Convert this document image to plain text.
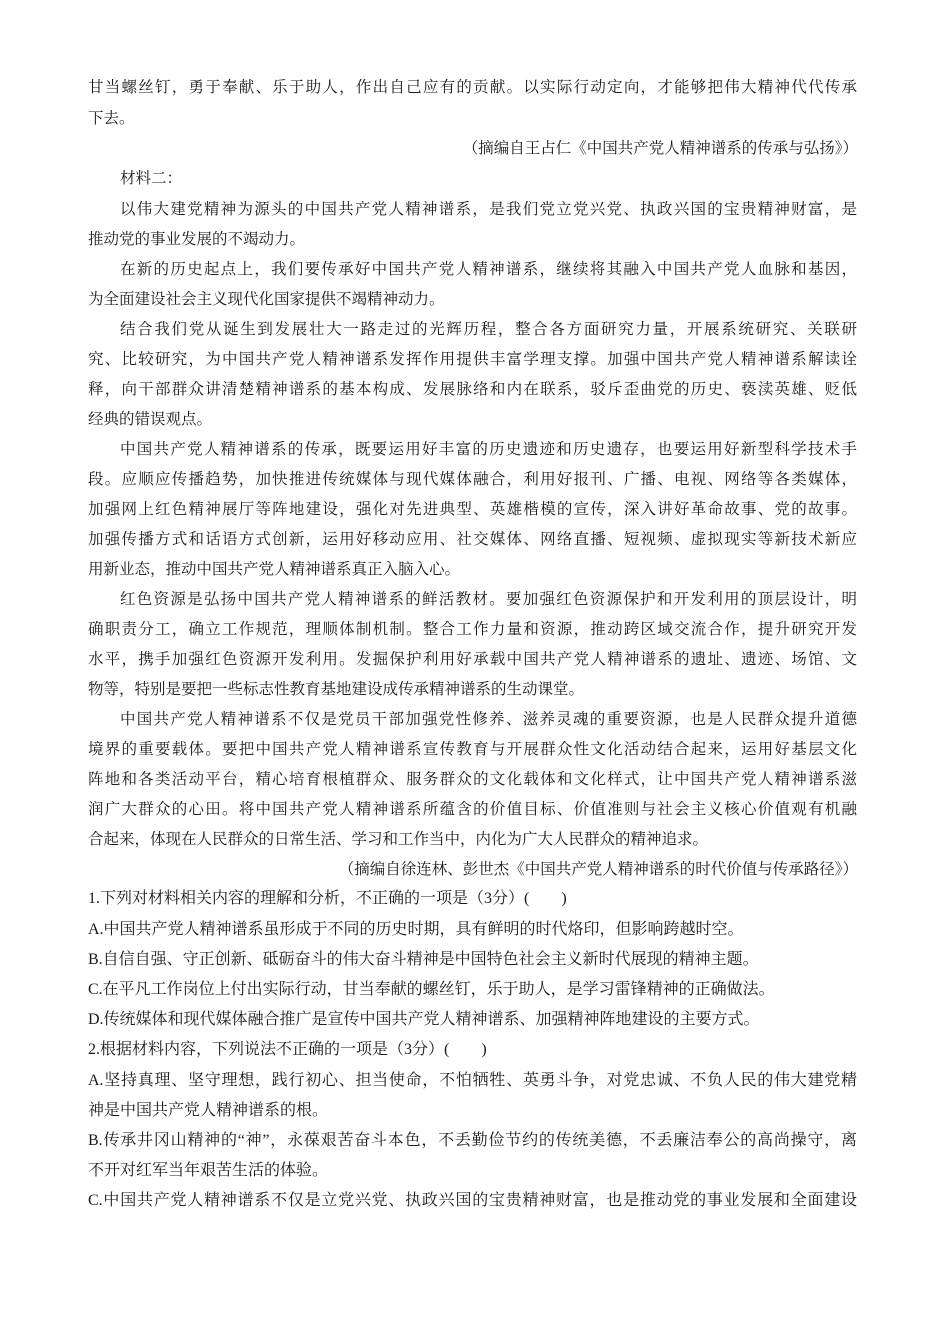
甘当螺丝钉，勇于奉献、乐于助人，作出自己应有的贡献。以实际行动定向，才能够把伟大精神代代传承
下去。
（摘编自王占仁《中国共产党人精神谱系的传承与弘扬》）
材料二：
以伟大建党精神为源头的中国共产党人精神谱系，是我们党立党兴党、执政兴国的宝贵精神财富，是
推动党的事业发展的不竭动力。
在新的历史起点上，我们要传承好中国共产党人精神谱系，继续将其融入中国共产党人血脉和基因，
为全面建设社会主义现代化国家提供不竭精神动力。
结合我们党从诞生到发展壮大一路走过的光辉历程，整合各方面研究力量，开展系统研究、关联研
究、比较研究，为中国共产党人精神谱系发挥作用提供丰富学理支撑。加强中国共产党人精神谱系解读诠
释，向干部群众讲清楚精神谱系的基本构成、发展脉络和内在联系，驳斥歪曲党的历史、亵渎英雄、贬低
经典的错误观点。
中国共产党人精神谱系的传承，既要运用好丰富的历史遗迹和历史遗存，也要运用好新型科学技术手
段。应顺应传播趋势，加快推进传统媒体与现代媒体融合，利用好报刊、广播、电视、网络等各类媒体，
加强网上红色精神展厅等阵地建设，强化对先进典型、英雄楷模的宣传，深入讲好革命故事、党的故事。
加强传播方式和话语方式创新，运用好移动应用、社交媒体、网络直播、短视频、虚拟现实等新技术新应
用新业态，推动中国共产党人精神谱系真正入脑入心。
红色资源是弘扬中国共产党人精神谱系的鲜活教材。要加强红色资源保护和开发利用的顶层设计，明
确职责分工，确立工作规范，理顺体制机制。整合工作力量和资源，推动跨区域交流合作，提升研究开发
水平，携手加强红色资源开发利用。发掘保护利用好承载中国共产党人精神谱系的遗址、遗迹、场馆、文
物等，特别是要把一些标志性教育基地建设成传承精神谱系的生动课堂。
中国共产党人精神谱系不仅是党员干部加强党性修养、滋养灵魂的重要资源，也是人民群众提升道德
境界的重要载体。要把中国共产党人精神谱系宣传教育与开展群众性文化活动结合起来，运用好基层文化
阵地和各类活动平台，精心培育根植群众、服务群众的文化载体和文化样式，让中国共产党人精神谱系滋
润广大群众的心田。将中国共产党人精神谱系所蕴含的价值目标、价值准则与社会主义核心价值观有机融
合起来，体现在人民群众的日常生活、学习和工作当中，内化为广大人民群众的精神追求。
（摘编自徐连林、彭世杰《中国共产党人精神谱系的时代价值与传承路径》）
1.下列对材料相关内容的理解和分析，不正确的一项是（3分）(　　)
A.中国共产党人精神谱系虽形成于不同的历史时期，具有鲜明的时代烙印，但影响跨越时空。
B.自信自强、守正创新、砥砺奋斗的伟大奋斗精神是中国特色社会主义新时代展现的精神主题。
C.在平凡工作岗位上付出实际行动，甘当奉献的螺丝钉，乐于助人，是学习雷锋精神的正确做法。
D.传统媒体和现代媒体融合推广是宣传中国共产党人精神谱系、加强精神阵地建设的主要方式。
2.根据材料内容，下列说法不正确的一项是（3分）(　　)
A.坚持真理、坚守理想，践行初心、担当使命，不怕牺牲、英勇斗争，对党忠诚、不负人民的伟大建党精
神是中国共产党人精神谱系的根。
B.传承井冈山精神的“神”，永葆艰苦奋斗本色，不丢勤俭节约的传统美德，不丢廉洁奉公的高尚操守，离
不开对红军当年艰苦生活的体验。
C.中国共产党人精神谱系不仅是立党兴党、执政兴国的宝贵精神财富，也是推动党的事业发展和全面建设
